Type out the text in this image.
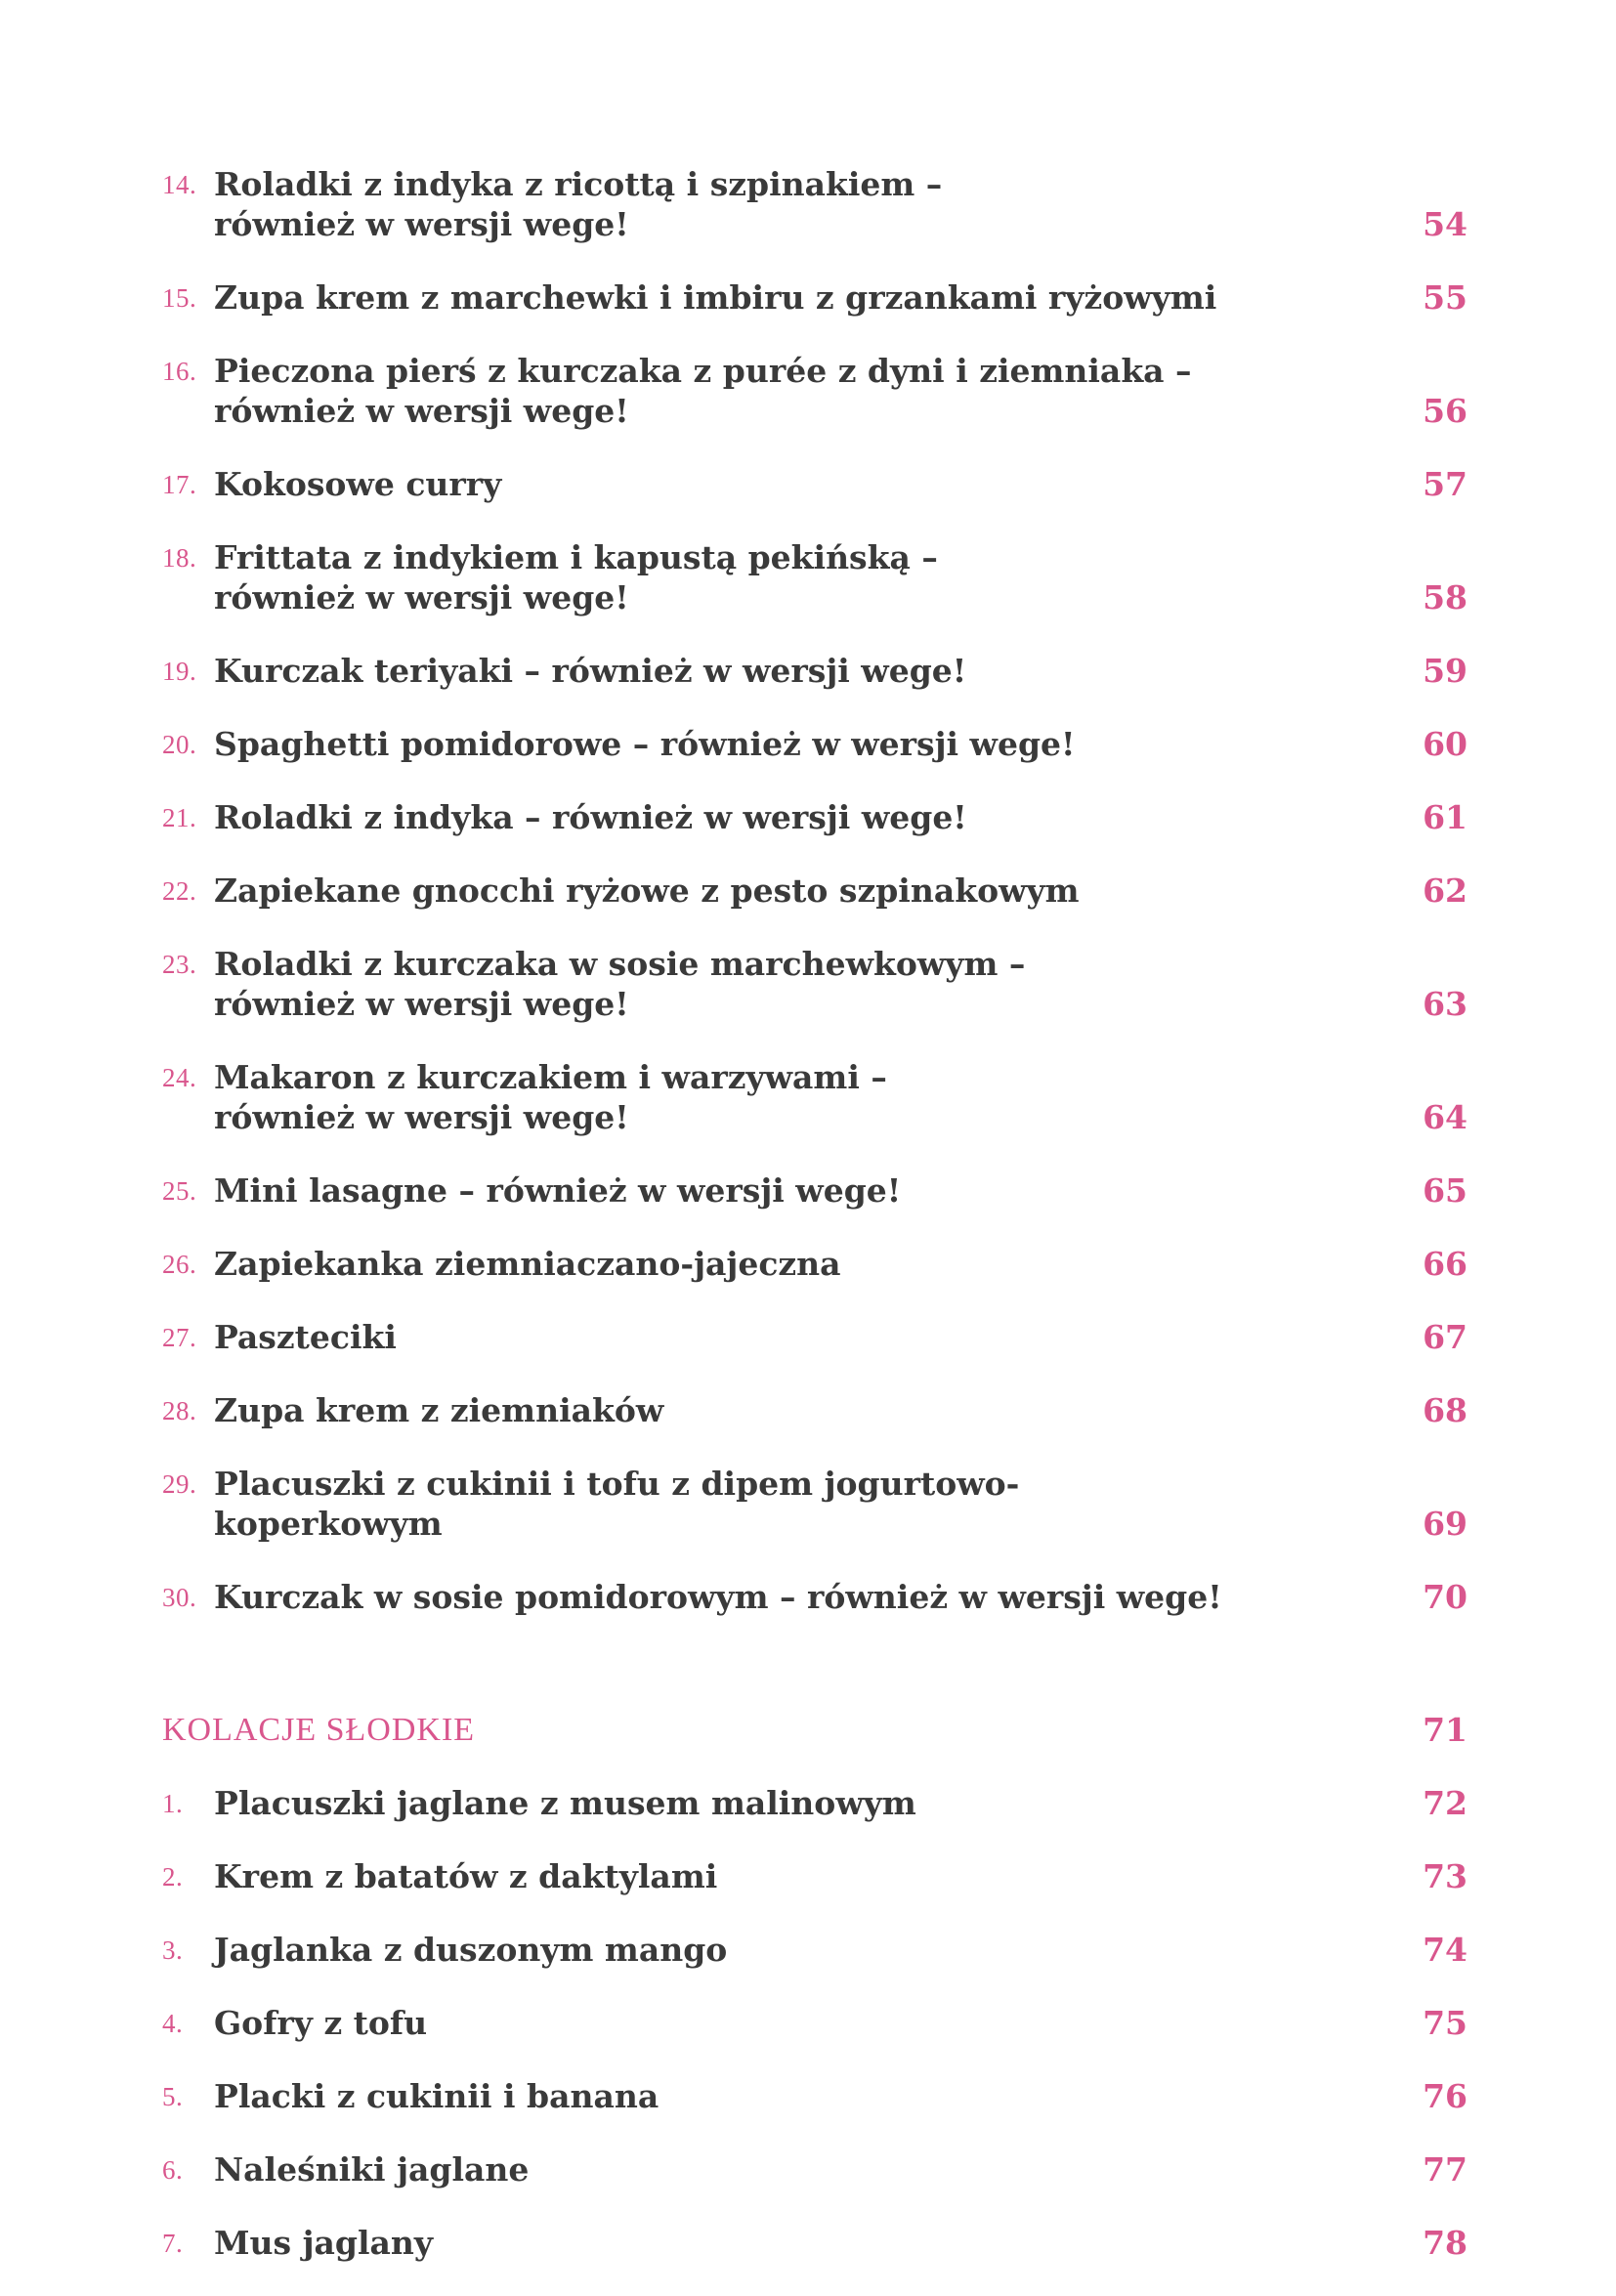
14. Roladki z indyka z ricottą i szpinakiem –
również w wersji wege!	54
15. Zupa krem z marchewki i imbiru z grzankami ryżowymi	55
16. Pieczona pierś z kurczaka z purée z dyni i ziemniaka –
również w wersji wege!	56
17. Kokosowe curry	57
18. Frittata z indykiem i kapustą pekińską –
również w wersji wege!	58
19. Kurczak teriyaki – również w wersji wege!	59
20. Spaghetti pomidorowe – również w wersji wege!	60
21. Roladki z indyka – również w wersji wege!	61
22. Zapiekane gnocchi ryżowe z pesto szpinakowym	62
23. Roladki z kurczaka w sosie marchewkowym –
również w wersji wege!	63
24. Makaron z kurczakiem i warzywami –
również w wersji wege!	64
25. Mini lasagne – również w wersji wege!	65
26. Zapiekanka ziemniaczano-jajeczna	66
27. Paszteciki	67
28. Zupa krem z ziemniaków	68
29. Placuszki z cukinii i tofu z dipem jogurtowo-
koperkowym	69
30. Kurczak w sosie pomidorowym – również w wersji wege!	70
KOLACJE SŁODKIE	71
1. Placuszki jaglane z musem malinowym	72
2. Krem z batatów z daktylami	73
3. Jaglanka z duszonym mango	74
4. Gofry z tofu	75
5. Placki z cukinii i banana	76
6. Naleśniki jaglane	77
7. Mus jaglany	78
